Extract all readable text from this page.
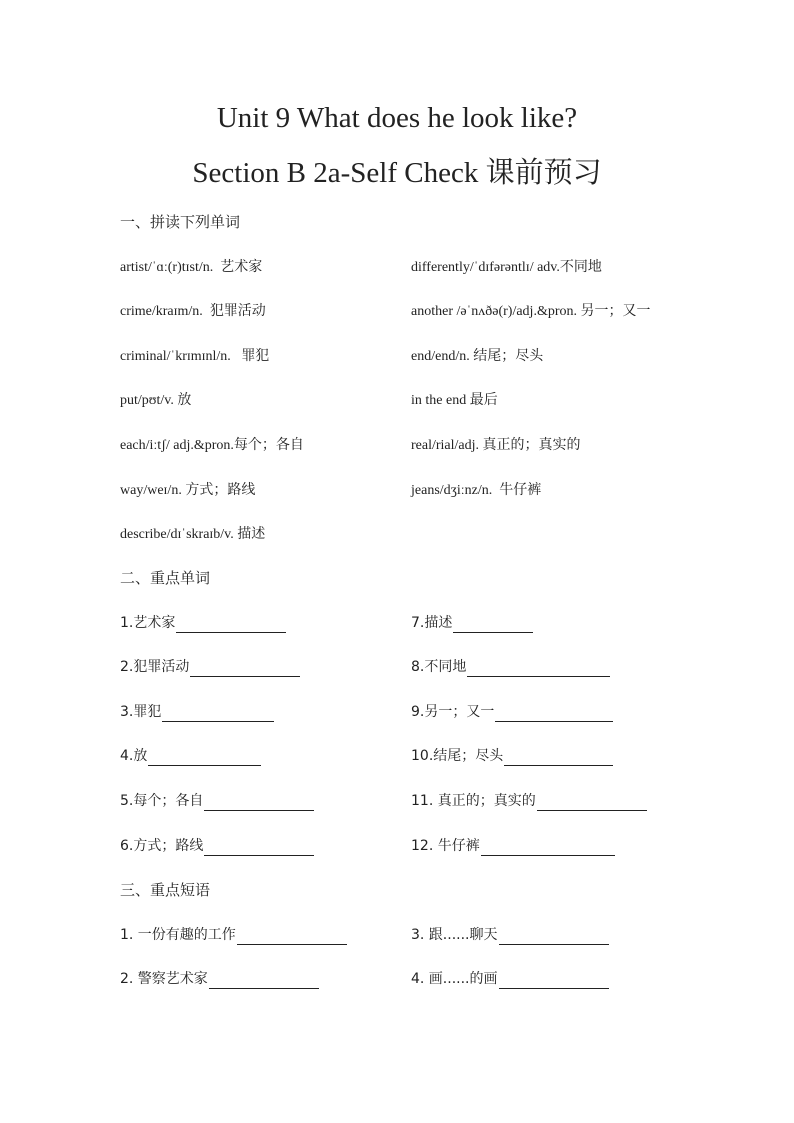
Unit 9 What does he look like?
Section B 2a-Self Check 课前预习
一、拼读下列单词
artist/ˈɑː(r)tɪst/n. 艺术家
crime/kraɪm/n. 犯罪活动
criminal/ˈkrɪmɪnl/n. 罪犯
put/pʊt/v. 放
each/iːtʃ/ adj.&pron.每个；各自
way/weɪ/n. 方式；路线
describe/dɪˈskraɪb/v. 描述
differently/ˈdɪfərəntlɪ/ adv.不同地
another /əˈnʌðə(r)/adj.&pron. 另一；又一
end/end/n. 结尾；尽头
in the end 最后
real/rial/adj. 真正的；真实的
jeans/dʒiːnz/n. 牛仔裤
二、重点单词
1.艺术家
2.犯罪活动
3.罪犯
4.放
5.每个；各自
6.方式；路线
7.描述
8.不同地
9.另一；又一
10.结尾；尽头
11. 真正的；真实的
12. 牛仔裤
三、重点短语
1. 一份有趣的工作
2. 警察艺术家
3. 跟......聊天
4. 画......的画
